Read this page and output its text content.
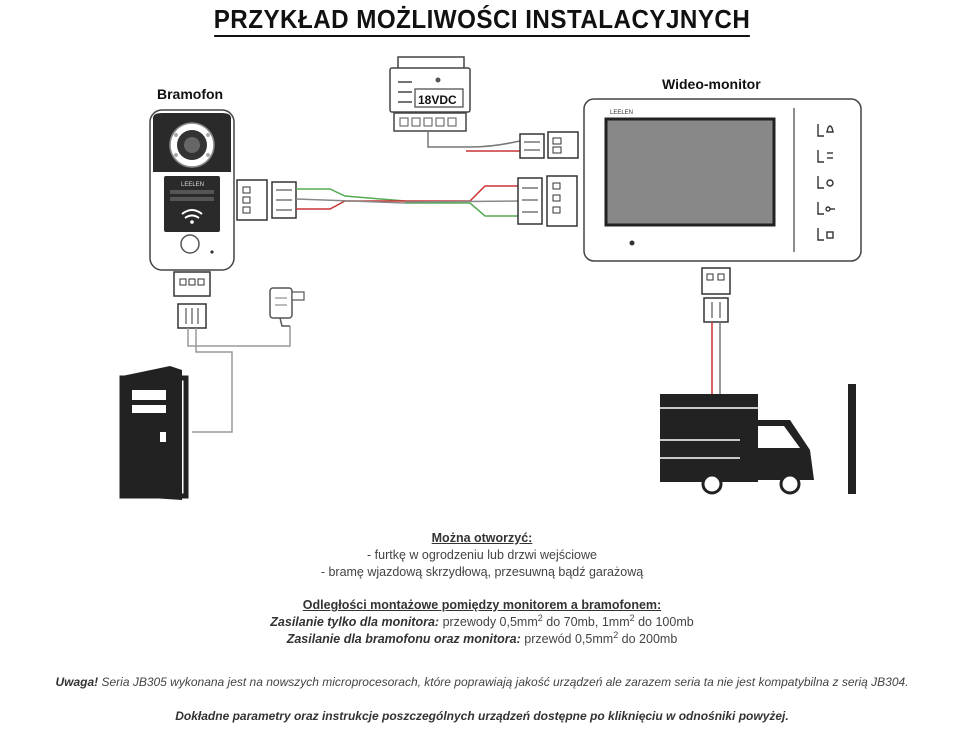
PRZYKŁAD MOŻLIWOŚCI INSTALACYJNYCH
18VDC
LEELEN
LEELEN
Bramofon
Wideo-monitor
Można otworzyć:
- furtkę w ogrodzeniu lub drzwi wejściowe
- bramę wjazdową skrzydłową, przesuwną bądź garażową
Odległości montażowe pomiędzy monitorem a bramofonem:
Zasilanie tylko dla monitora: przewody $0,5mm^2$ do 70mb, $1mm^2$ do 100mb
Zasilanie dla bramofonu oraz monitora: przewód $0,5mm^2$ do 200mb
Uwaga! Seria JB305 wykonana jest na nowszych microprocesorach, które poprawiają jakość urządzeń ale zarazem seria ta nie jest kompatybilna z serią JB304.
Dokładne parametry oraz instrukcje poszczególnych urządzeń dostępne po kliknięciu w odnośniki powyżej.
